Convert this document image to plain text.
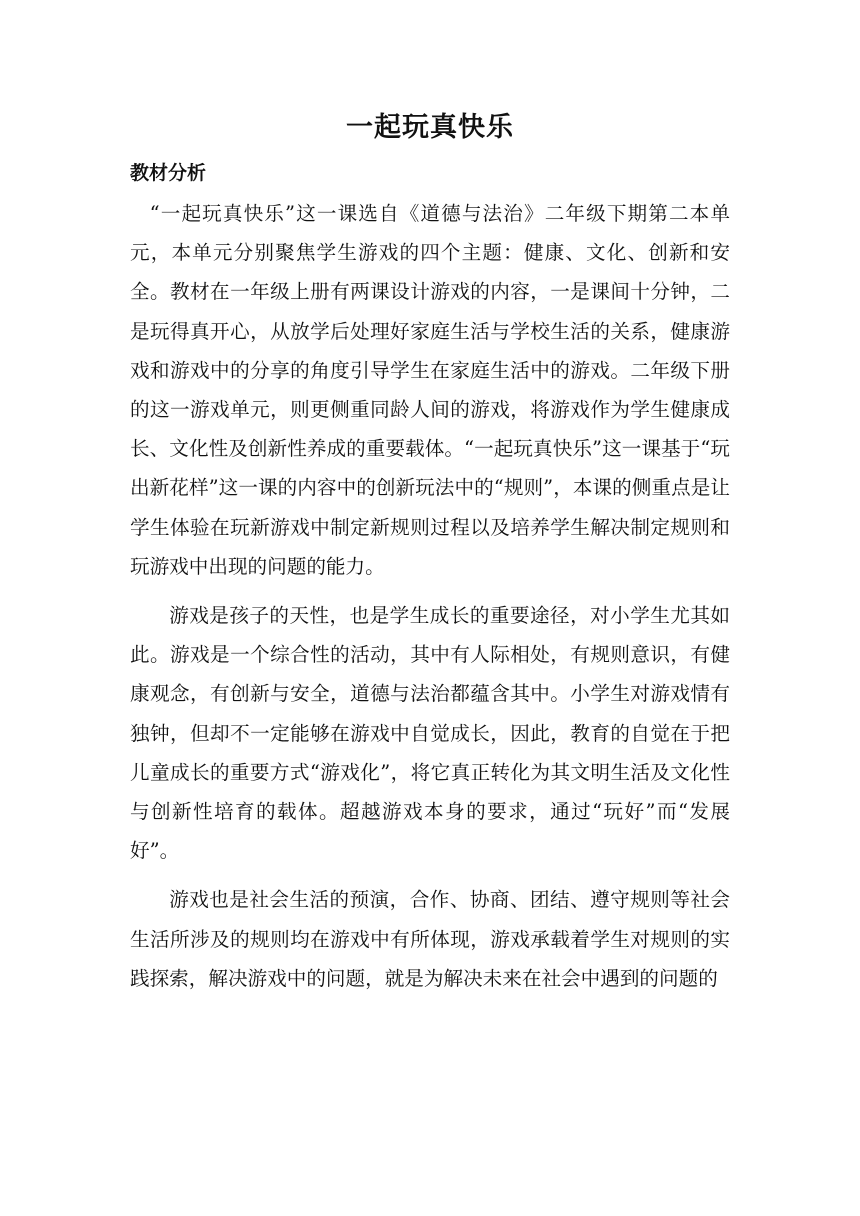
一起玩真快乐
教材分析

“一起玩真快乐”这一课选自《道德与法治》二年级下期第二本单元，本单元分别聚焦学生游戏的四个主题：健康、文化、创新和安全。教材在一年级上册有两课设计游戏的内容，一是课间十分钟，二是玩得真开心，从放学后处理好家庭生活与学校生活的关系，健康游戏和游戏中的分享的角度引导学生在家庭生活中的游戏。二年级下册的这一游戏单元，则更侧重同龄人间的游戏，将游戏作为学生健康成长、文化性及创新性养成的重要载体。“一起玩真快乐”这一课基于“玩出新花样”这一课的内容中的创新玩法中的“规则”，本课的侧重点是让学生体验在玩新游戏中制定新规则过程以及培养学生解决制定规则和玩游戏中出现的问题的能力。

游戏是孩子的天性，也是学生成长的重要途径，对小学生尤其如此。游戏是一个综合性的活动，其中有人际相处，有规则意识，有健康观念，有创新与安全，道德与法治都蕴含其中。小学生对游戏情有独钟，但却不一定能够在游戏中自觉成长，因此，教育的自觉在于把儿童成长的重要方式“游戏化”，将它真正转化为其文明生活及文化性与创新性培育的载体。超越游戏本身的要求，通过“玩好”而“发展好”。

游戏也是社会生活的预演，合作、协商、团结、遵守规则等社会生活所涉及的规则均在游戏中有所体现，游戏承载着学生对规则的实践探索，解决游戏中的问题，就是为解决未来在社会中遇到的问题的
